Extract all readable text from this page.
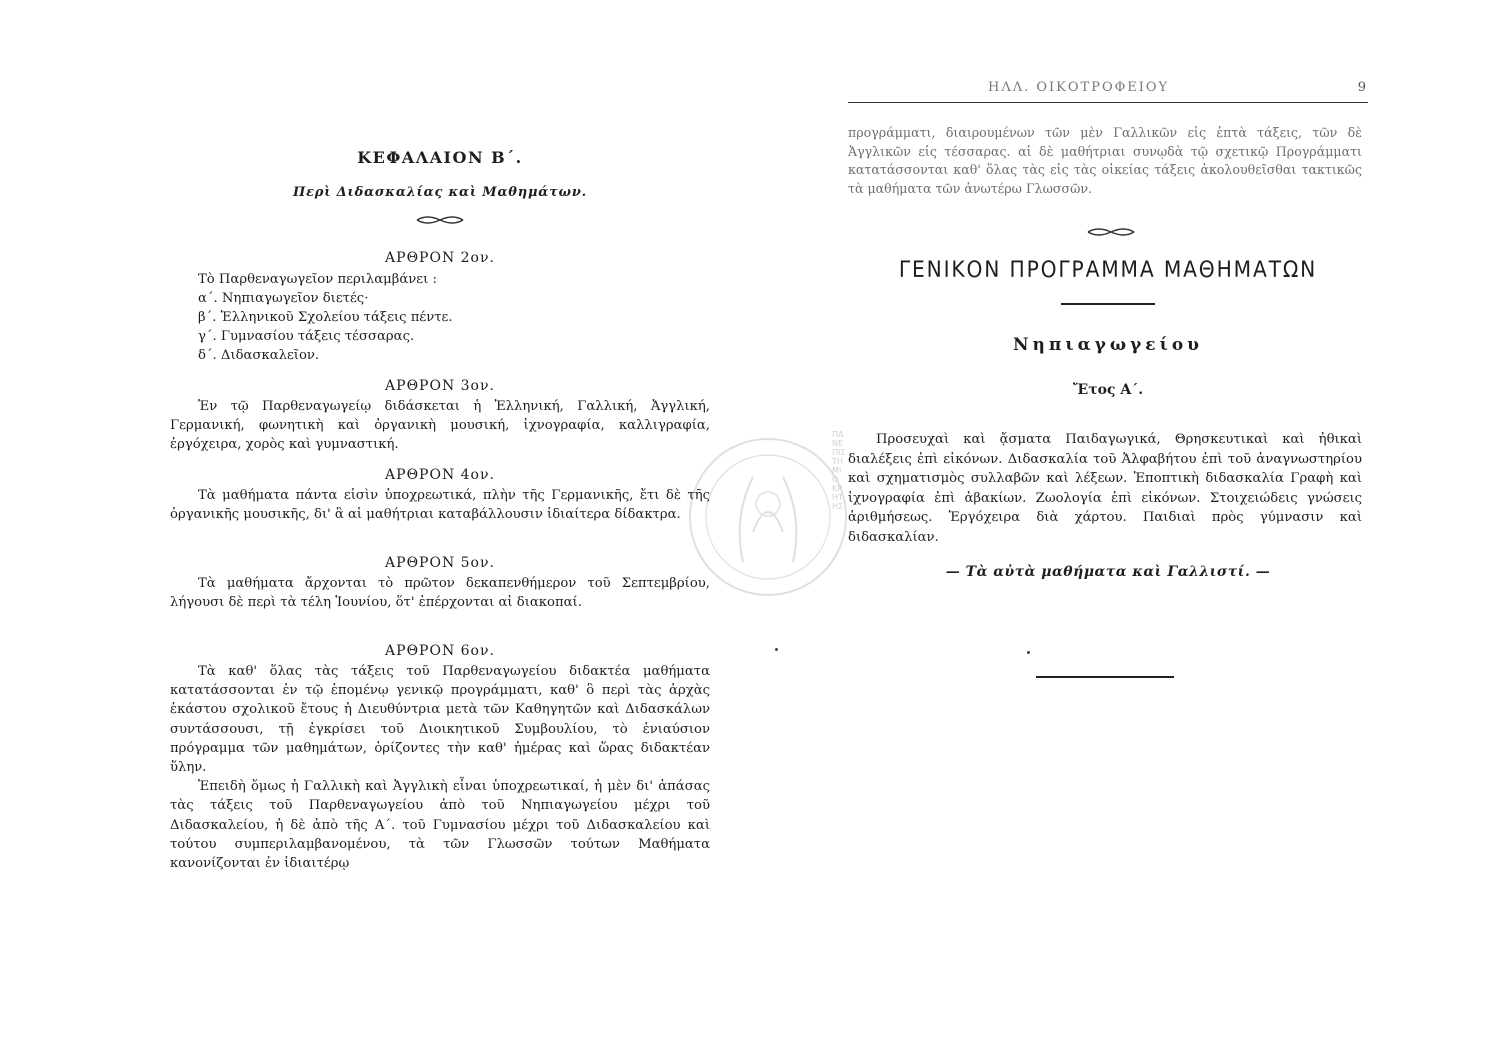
ΚΕΦΑΛΑΙΟΝ Β΄.
Περὶ Διδασκαλίας καὶ Μαθημάτων.

ΑΡΘΡΟΝ 2ον.

Τὸ Παρθεναγωγεῖον περιλαμβάνει :

α΄. Νηπιαγωγεῖον διετές·

β΄. Ἑλληνικοῦ Σχολείου τάξεις πέντε.

γ΄. Γυμνασίου τάξεις τέσσαρας.

δ΄. Διδασκαλεῖον.

ΑΡΘΡΟΝ 3ον.

Ἐν τῷ Παρθεναγωγείῳ διδάσκεται ἡ Ἑλληνική, Γαλλική, Ἀγγλική, Γερμανική, φωνητικὴ καὶ ὀργανικὴ μουσική, ἰχνογραφία, καλλιγραφία, ἐργόχειρα, χορὸς καὶ γυμναστική.

ΑΡΘΡΟΝ 4ον.

Τὰ μαθήματα πάντα εἰσὶν ὑποχρεωτικά, πλὴν τῆς Γερμανικῆς, ἔτι δὲ τῆς ὀργανικῆς μουσικῆς, δι' ἃ αἱ μαθήτριαι καταβάλλουσιν ἰδιαίτερα δίδακτρα.

ΑΡΘΡΟΝ 5ον.

Τὰ μαθήματα ἄρχονται τὸ πρῶτον δεκαπενθήμερον τοῦ Σεπτεμβρίου, λήγουσι δὲ περὶ τὰ τέλη Ἰουνίου, ὅτ' ἐπέρχονται αἱ διακοπαί.

ΑΡΘΡΟΝ 6ον.

Τὰ καθ' ὅλας τὰς τάξεις τοῦ Παρθεναγωγείου διδακτέα μαθήματα κατατάσσονται ἐν τῷ ἑπομένῳ γενικῷ προγράμματι, καθ' ὃ περὶ τὰς ἀρχὰς ἑκάστου σχολικοῦ ἔτους ἡ Διευθύντρια μετὰ τῶν Καθηγητῶν καὶ Διδασκάλων συντάσσουσι, τῇ ἐγκρίσει τοῦ Διοικητικοῦ Συμβουλίου, τὸ ἐνιαύσιον πρόγραμμα τῶν μαθημάτων, ὁρίζοντες τὴν καθ' ἡμέρας καὶ ὥρας διδακτέαν ὕλην.

Ἐπειδὴ ὅμως ἡ Γαλλικὴ καὶ Ἀγγλικὴ εἶναι ὑποχρεωτικαί, ἡ μὲν δι' ἁπάσας τὰς τάξεις τοῦ Παρθεναγωγείου ἀπὸ τοῦ Νηπιαγωγείου μέχρι τοῦ Διδασκαλείου, ἡ δὲ ἀπὸ τῆς Α΄. τοῦ Γυμνασίου μέχρι τοῦ Διδασκαλείου καὶ τούτου συμπεριλαμβανομένου, τὰ τῶν Γλωσσῶν τούτων Μαθήματα κανονίζονται ἐν ἰδιαιτέρῳ

ΠΑΝΕΠΙΣΤΗΜΙΟ ΚΡΗΤΗΣ
ΗΛΛ. ΟΙΚΟΤΡΟΦΕΙΟΥ	9

προγράμματι, διαιρουμένων τῶν μὲν Γαλλικῶν εἰς ἑπτὰ τάξεις, τῶν δὲ Ἀγγλικῶν εἰς τέσσαρας. αἱ δὲ μαθήτριαι συνῳδὰ τῷ σχετικῷ Προγράμματι κατατάσσονται καθ' ὅλας τὰς εἰς τὰς οἰκείας τάξεις ἀκολουθεῖσθαι τακτικῶς τὰ μαθήματα τῶν ἀνωτέρω Γλωσσῶν.

ΓΕΝΙΚΟΝ ΠΡΟΓΡΑΜΜΑ ΜΑΘΗΜΑΤΩΝ
Νηπιαγωγείου
Ἔτος Α΄.

Προσευχαὶ καὶ ᾄσματα Παιδαγωγικά, Θρησκευτικαὶ καὶ ἠθικαὶ διαλέξεις ἐπὶ εἰκόνων. Διδασκαλία τοῦ Ἀλφαβήτου ἐπὶ τοῦ ἀναγνωστηρίου καὶ σχηματισμὸς συλλαβῶν καὶ λέξεων. Ἐποπτικὴ διδασκαλία Γραφὴ καὶ ἰχνογραφία ἐπὶ ἀβακίων. Ζωολογία ἐπὶ εἰκόνων. Στοιχειώδεις γνώσεις ἀριθμήσεως. Ἐργόχειρα διὰ χάρτου. Παιδιαὶ πρὸς γύμνασιν καὶ διδασκαλίαν.

— Τὰ αὐτὰ μαθήματα καὶ Γαλλιστί. —
